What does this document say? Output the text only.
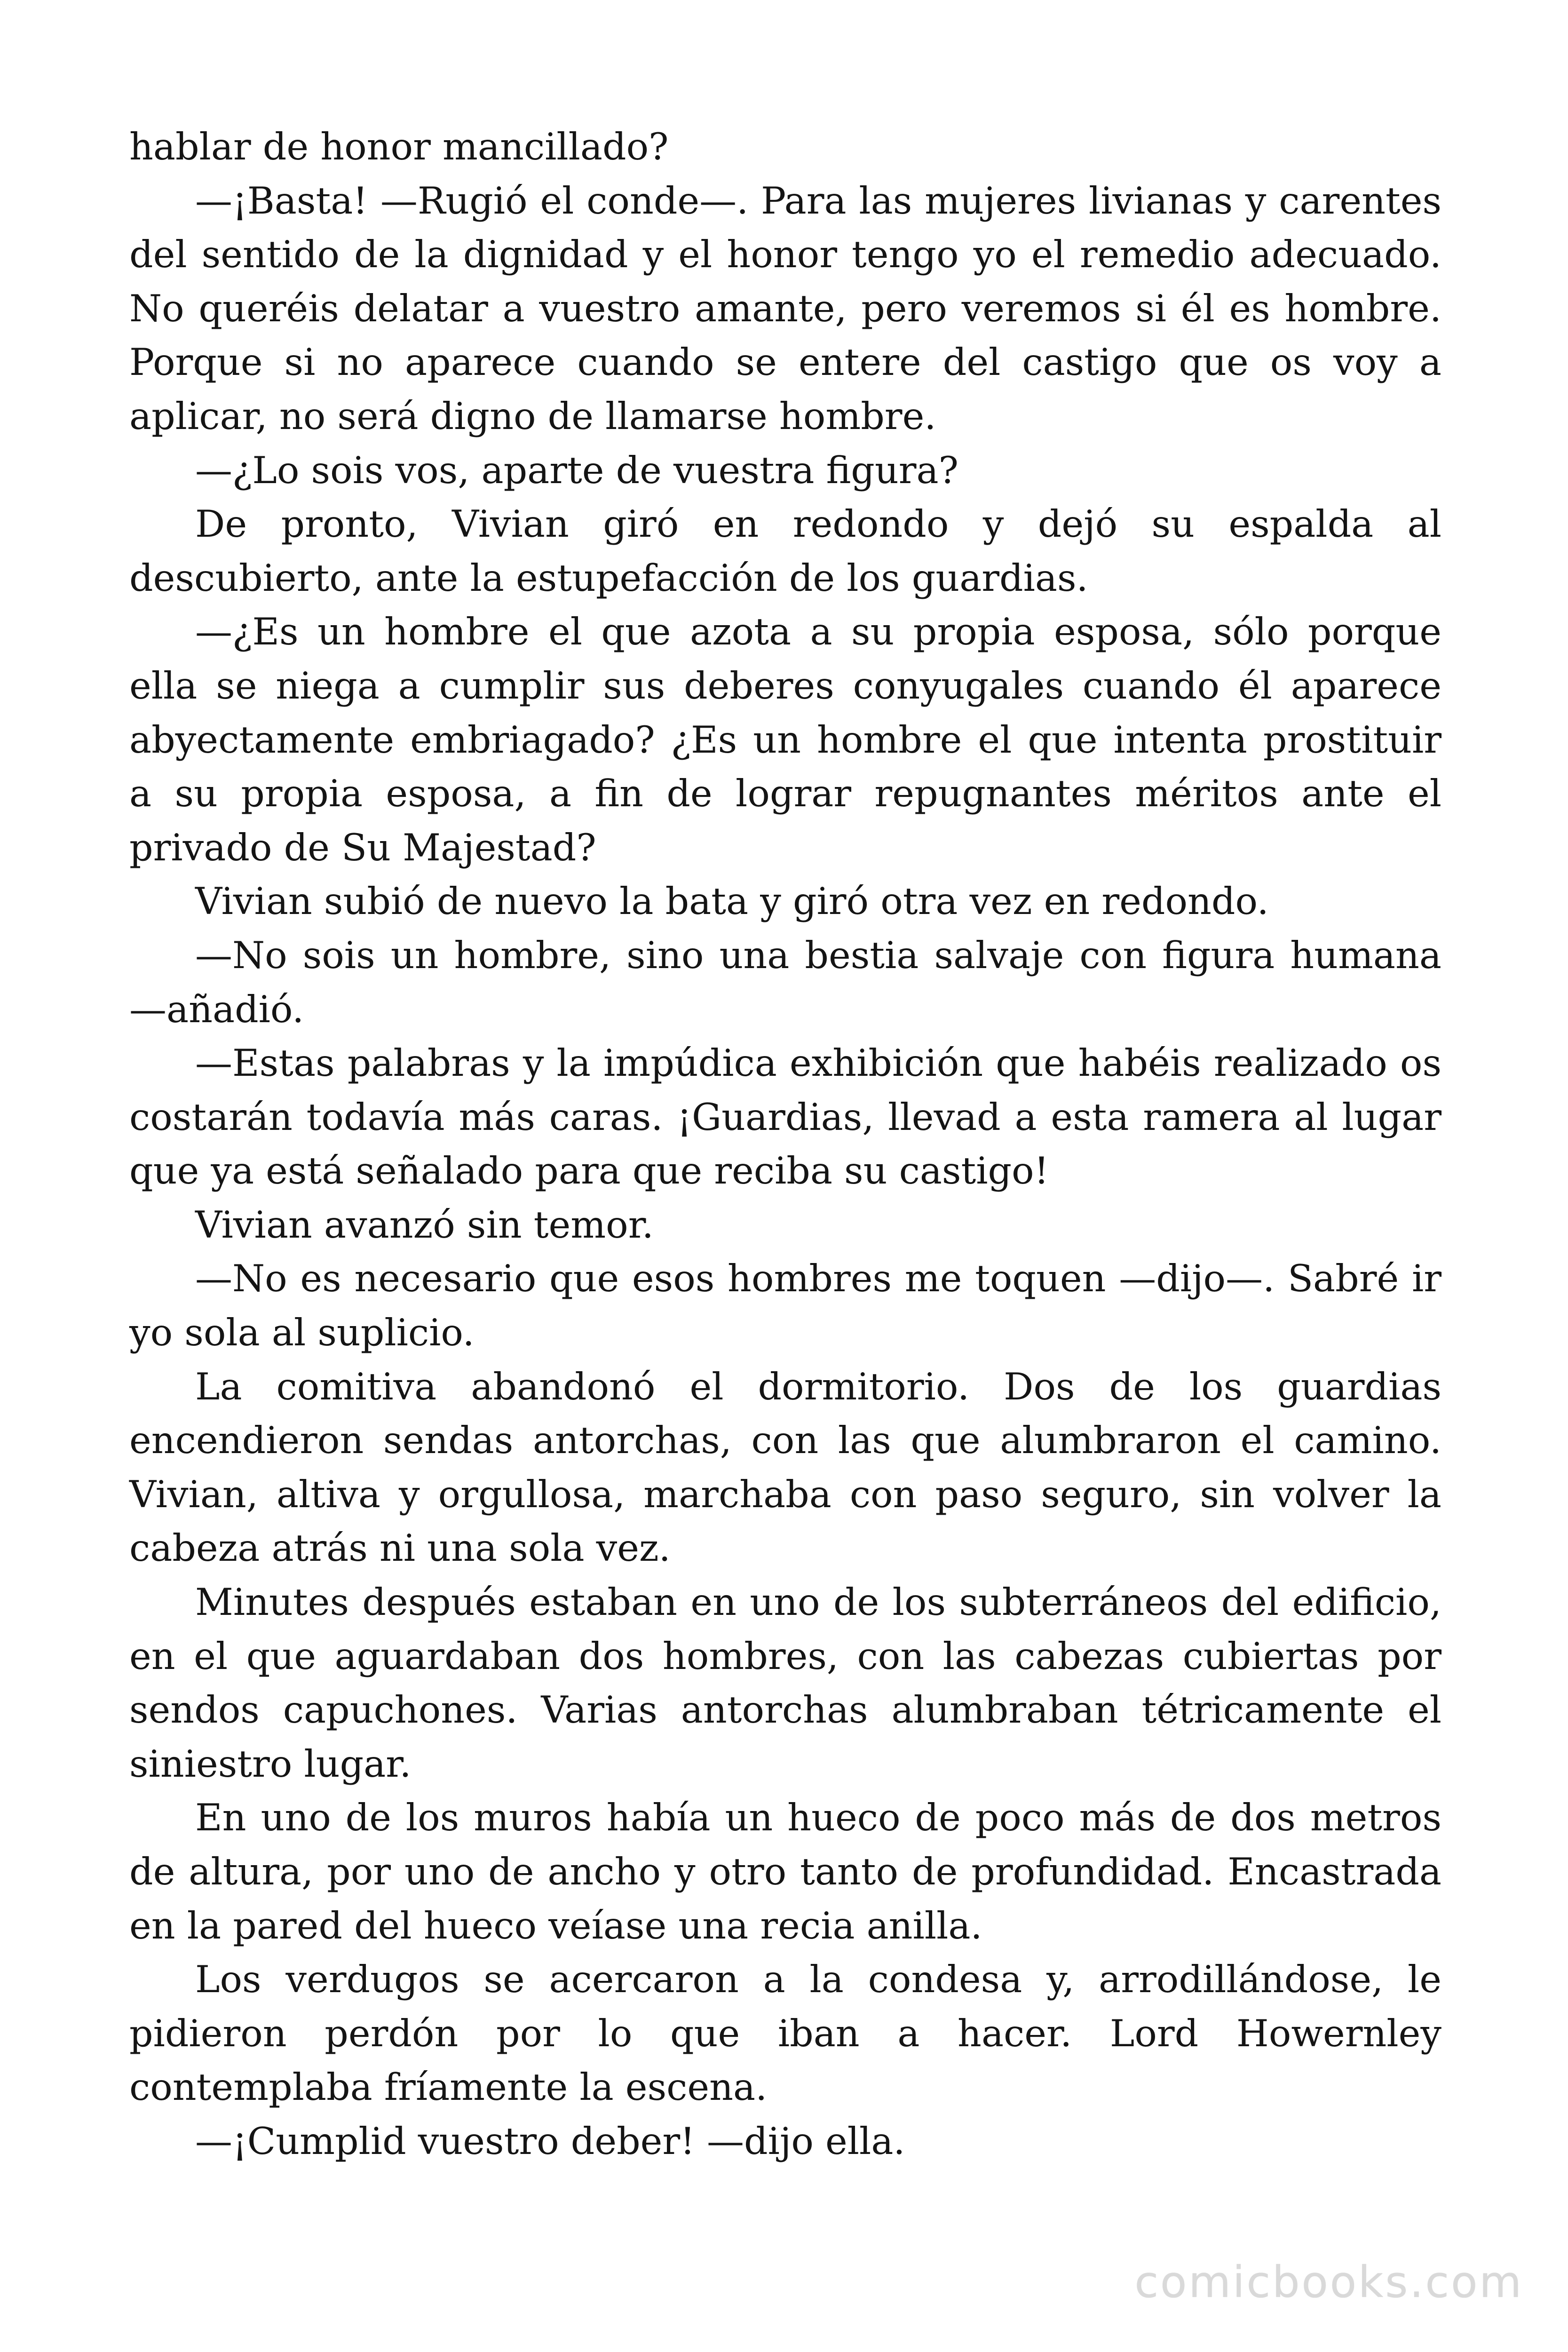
hablar de honor mancillado?

—¡Basta! —Rugió el conde—. Para las mujeres livianas y carentes del sentido de la dignidad y el honor tengo yo el remedio adecuado. No queréis delatar a vuestro amante, pero veremos si él es hombre. Porque si no aparece cuando se entere del castigo que os voy a aplicar, no será digno de llamarse hombre.

—¿Lo sois vos, aparte de vuestra figura?

De pronto, Vivian giró en redondo y dejó su espalda al descubierto, ante la estupefacción de los guardias.

—¿Es un hombre el que azota a su propia esposa, sólo porque ella se niega a cumplir sus deberes conyugales cuando él aparece abyectamente embriagado? ¿Es un hombre el que intenta prostituir a su propia esposa, a fin de lograr repugnantes méritos ante el privado de Su Majestad?

Vivian subió de nuevo la bata y giró otra vez en redondo.

—No sois un hombre, sino una bestia salvaje con figura humana —añadió.

—Estas palabras y la impúdica exhibición que habéis realizado os costarán todavía más caras. ¡Guardias, llevad a esta ramera al lugar que ya está señalado para que reciba su castigo!

Vivian avanzó sin temor.

—No es necesario que esos hombres me toquen —dijo—. Sabré ir yo sola al suplicio.

La comitiva abandonó el dormitorio. Dos de los guardias encendieron sendas antorchas, con las que alumbraron el camino. Vivian, altiva y orgullosa, marchaba con paso seguro, sin volver la cabeza atrás ni una sola vez.

Minutes después estaban en uno de los subterráneos del edificio, en el que aguardaban dos hombres, con las cabezas cubiertas por sendos capuchones. Varias antorchas alumbraban tétricamente el siniestro lugar.

En uno de los muros había un hueco de poco más de dos metros de altura, por uno de ancho y otro tanto de profundidad. Encastrada en la pared del hueco veíase una recia anilla.

Los verdugos se acercaron a la condesa y, arrodillándose, le pidieron perdón por lo que iban a hacer. Lord Howernley contemplaba fríamente la escena.

—¡Cumplid vuestro deber! —dijo ella.

comicbooks.com
